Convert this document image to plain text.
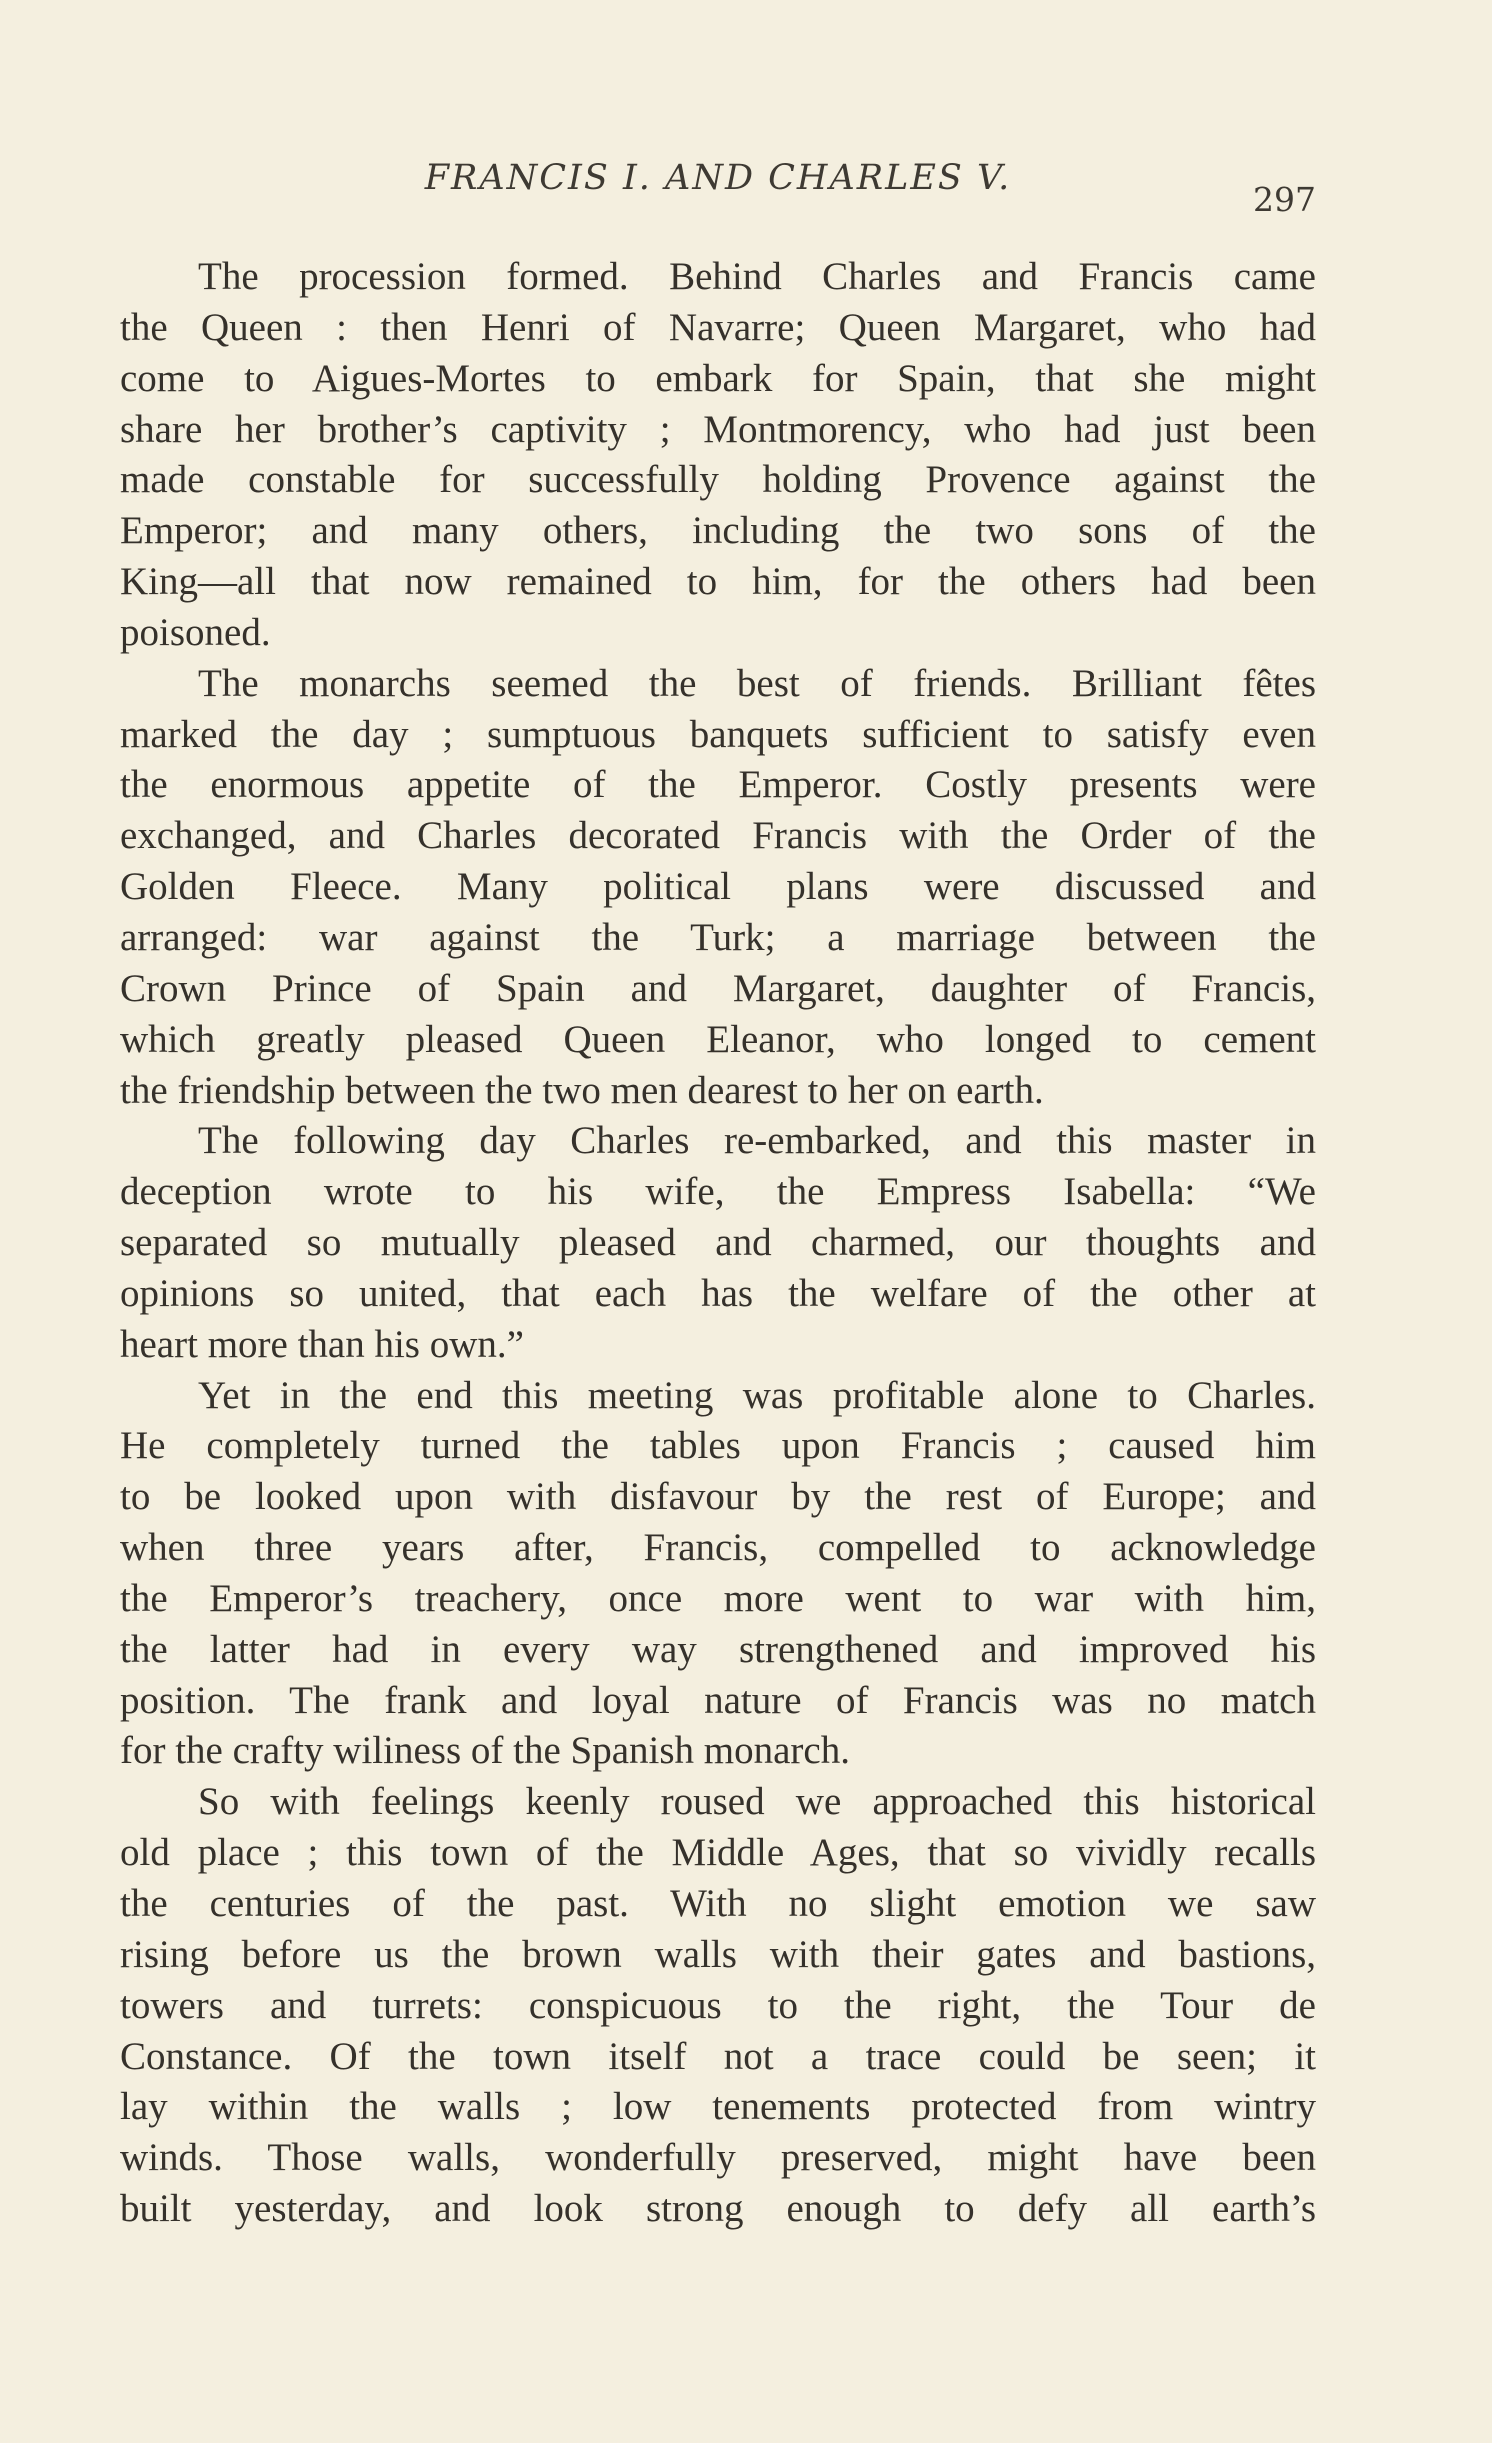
FRANCIS I. AND CHARLES V.
297
The procession formed. Behind Charles and Francis came
the Queen : then Henri of Navarre; Queen Margaret, who had
come to Aigues-Mortes to embark for Spain, that she might
share her brother’s captivity ; Montmorency, who had just been
made constable for successfully holding Provence against the
Emperor; and many others, including the two sons of the
King—all that now remained to him, for the others had been
poisoned.
The monarchs seemed the best of friends. Brilliant fêtes
marked the day ; sumptuous banquets sufficient to satisfy even
the enormous appetite of the Emperor. Costly presents were
exchanged, and Charles decorated Francis with the Order of the
Golden Fleece. Many political plans were discussed and
arranged: war against the Turk; a marriage between the
Crown Prince of Spain and Margaret, daughter of Francis,
which greatly pleased Queen Eleanor, who longed to cement
the friendship between the two men dearest to her on earth.
The following day Charles re-embarked, and this master in
deception wrote to his wife, the Empress Isabella: “We
separated so mutually pleased and charmed, our thoughts and
opinions so united, that each has the welfare of the other at
heart more than his own.”
Yet in the end this meeting was profitable alone to Charles.
He completely turned the tables upon Francis ; caused him
to be looked upon with disfavour by the rest of Europe; and
when three years after, Francis, compelled to acknowledge
the Emperor’s treachery, once more went to war with him,
the latter had in every way strengthened and improved his
position. The frank and loyal nature of Francis was no match
for the crafty wiliness of the Spanish monarch.
So with feelings keenly roused we approached this historical
old place ; this town of the Middle Ages, that so vividly recalls
the centuries of the past. With no slight emotion we saw
rising before us the brown walls with their gates and bastions,
towers and turrets: conspicuous to the right, the Tour de
Constance. Of the town itself not a trace could be seen; it
lay within the walls ; low tenements protected from wintry
winds. Those walls, wonderfully preserved, might have been
built yesterday, and look strong enough to defy all earth’s
